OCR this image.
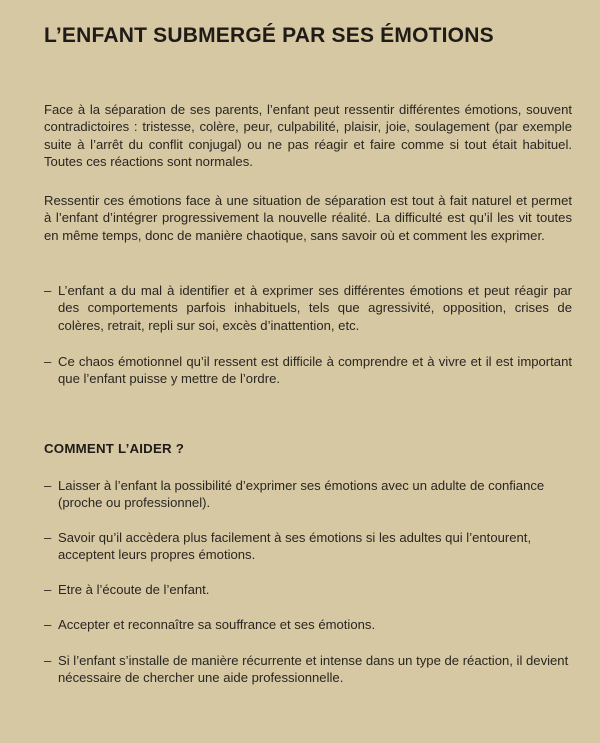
L’ENFANT SUBMERGÉ PAR SES ÉMOTIONS

Face à la séparation de ses parents, l’enfant peut ressentir différentes émotions, souvent contradictoires : tristesse, colère, peur, culpabilité, plaisir, joie, soulagement (par exemple suite à l’arrêt du conflit conjugal) ou ne pas réagir et faire comme si tout était habituel. Toutes ces réactions sont normales.

Ressentir ces émotions face à une situation de séparation est tout à fait naturel et permet à l’enfant d’intégrer progressivement la nouvelle réalité. La difficulté est qu’il les vit toutes en même temps, donc de manière chaotique, sans savoir où et comment les exprimer.

– L’enfant a du mal à identifier et à exprimer ses différentes émotions et peut réagir par des comportements parfois inhabituels, tels que agressivité, opposition, crises de colères, retrait, repli sur soi, excès d’inattention, etc.
– Ce chaos émotionnel qu’il ressent est difficile à comprendre et à vivre et il est important que l’enfant puisse y mettre de l’ordre.
COMMENT L’AIDER ?
– Laisser à l’enfant la possibilité d’exprimer ses émotions avec un adulte de confiance (proche ou professionnel).
– Savoir qu’il accèdera plus facilement à ses émotions si les adultes qui l’entourent, acceptent leurs propres émotions.
– Etre à l’écoute de l’enfant.
– Accepter et reconnaître sa souffrance et ses émotions.
– Si l’enfant s’installe de manière récurrente et intense dans un type de réaction, il devient nécessaire de chercher une aide professionnelle.
